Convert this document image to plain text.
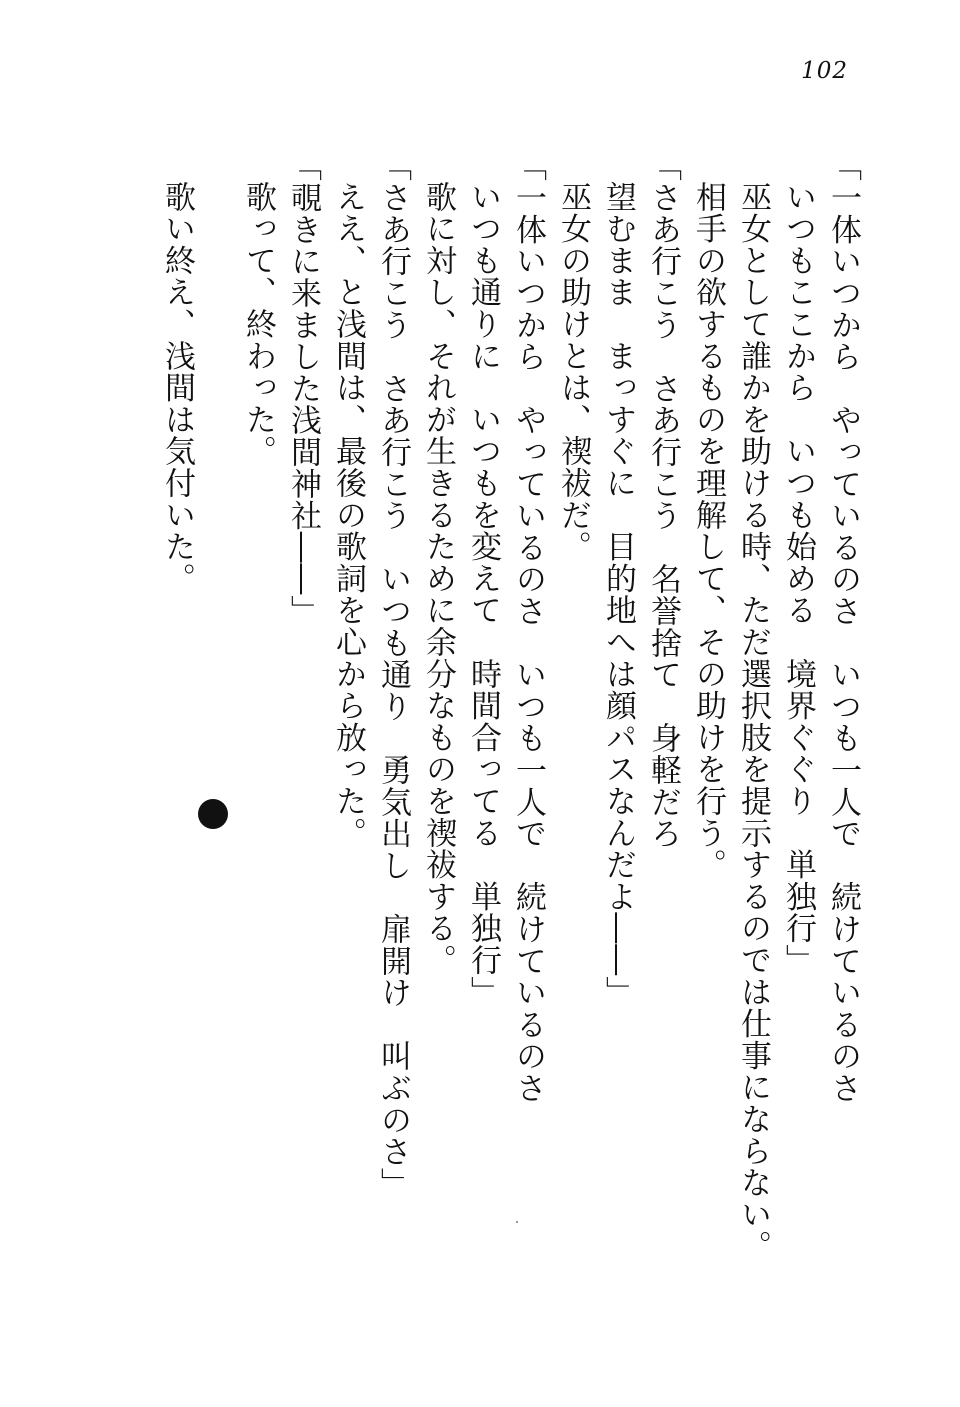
102
「一体いつから　やっているのさ　いつも一人で　続けているのさ
いつもここから　いつも始める　境界ぐぐり　単独行」
巫女として誰かを助ける時、ただ選択肢を提示するのでは仕事にならない。
相手の欲するものを理解して、その助けを行う。
「さあ行こう　さあ行こう　名誉捨て　身軽だろ
望むまま　まっすぐに　目的地へは顔パスなんだよ――」
巫女の助けとは、禊祓だ。
「一体いつから　やっているのさ　いつも一人で　続けているのさ
いつも通りに　いつもを変えて　時間合ってる　単独行」
歌に対し、それが生きるために余分なものを禊祓する。
「さあ行こう　さあ行こう　いつも通り　勇気出し　扉開け　叫ぶのさ」
ええ、と浅間は、最後の歌詞を心から放った。
「覗きに来ました浅間神社――」
歌って、終わった。
歌い終え、浅間は気付いた。
